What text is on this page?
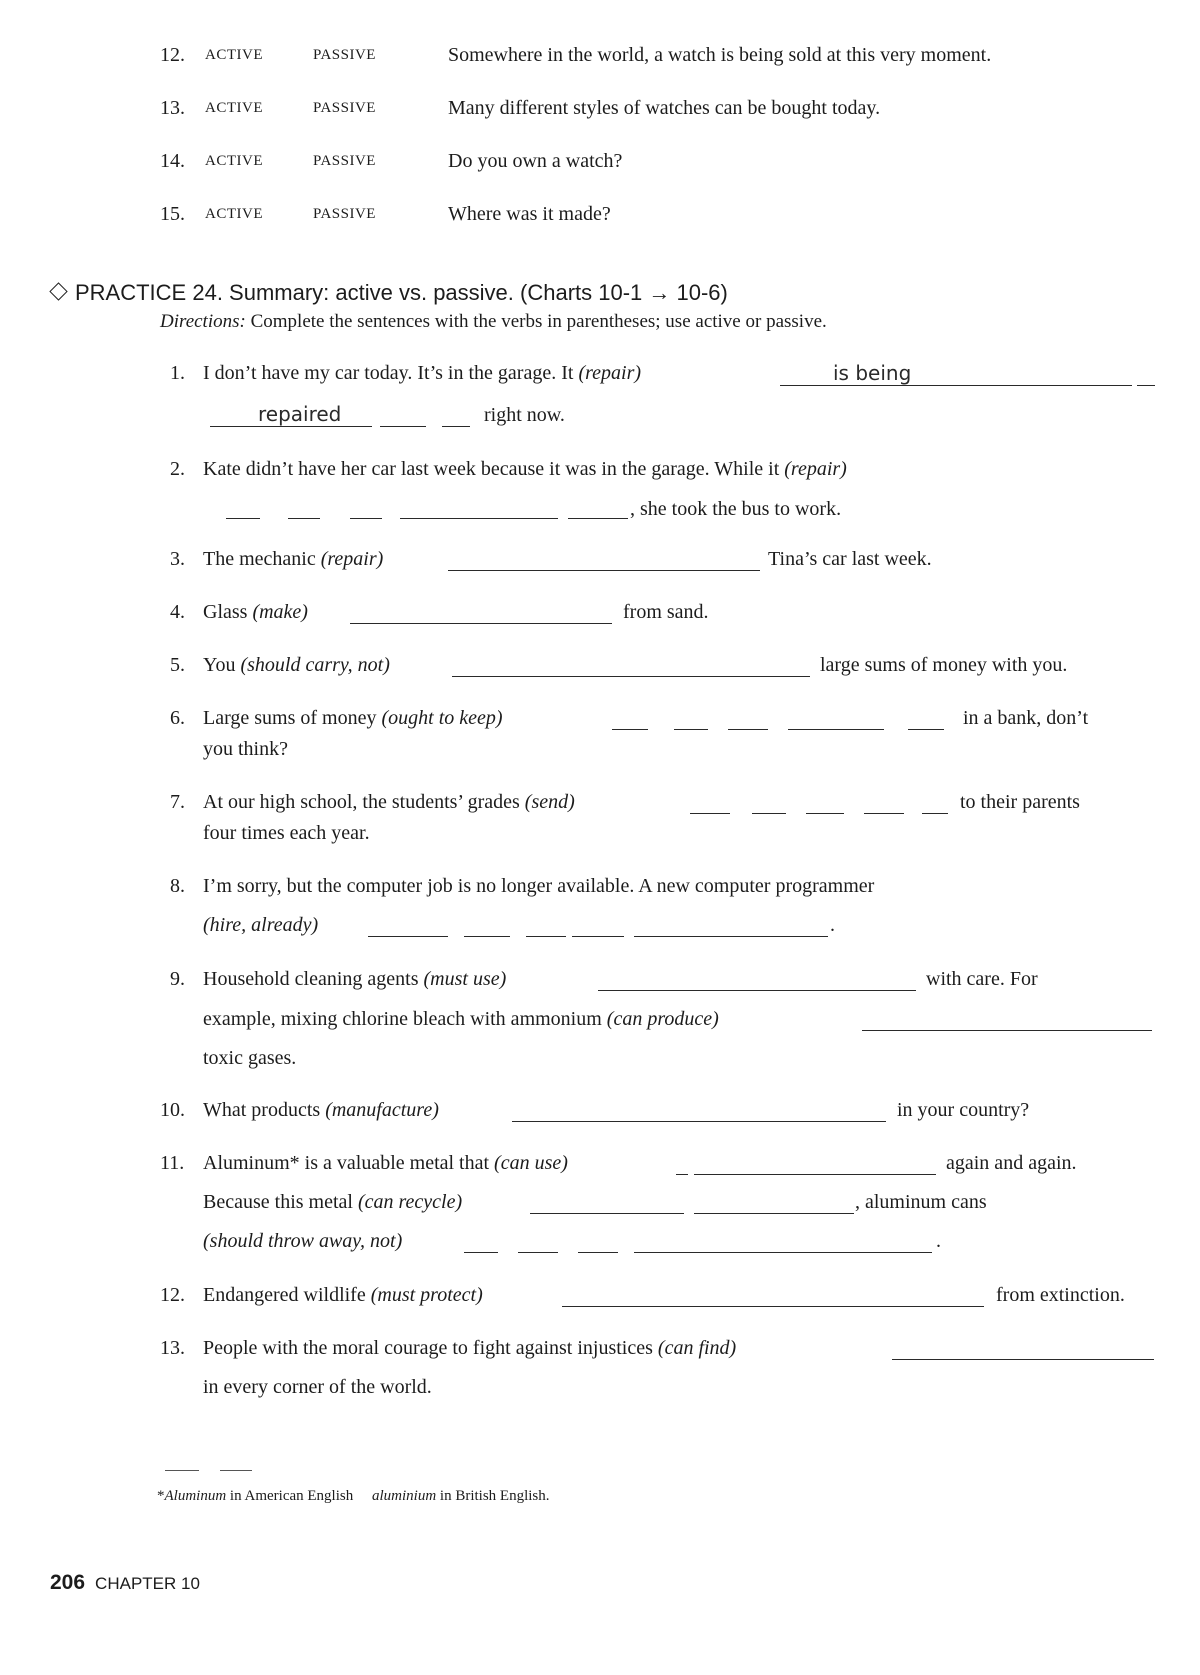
12. ACTIVE	PASSIVE	Somewhere in the world, a watch is being sold at this very moment.
13. ACTIVE	PASSIVE	Many different styles of watches can be bought today.
14. ACTIVE	PASSIVE	Do you own a watch?
15. ACTIVE	PASSIVE	Where was it made?
PRACTICE 24. Summary: active vs. passive. (Charts 10-1 → 10-6)
Directions: Complete the sentences with the verbs in parentheses; use active or passive.
1. I don’t have my car today. It’s in the garage. It (repair)	is being
repaired	right now.
2. Kate didn’t have her car last week because it was in the garage. While it (repair)
, she took the bus to work.
3. The mechanic (repair)	Tina’s car last week.
4. Glass (make)	from sand.
5. You (should carry, not)	large sums of money with you.
6. Large sums of money (ought to keep)	in a bank, don’t
you think?
7. At our high school, the students’ grades (send)	to their parents
four times each year.
8. I’m sorry, but the computer job is no longer available. A new computer programmer
(hire, already)	.
9. Household cleaning agents (must use)	with care. For
example, mixing chlorine bleach with ammonium (can produce)
toxic gases.
10. What products (manufacture)	in your country?
11. Aluminum* is a valuable metal that (can use)	again and again.
Because this metal (can recycle)	, aluminum cans
(should throw away, not)	.
12. Endangered wildlife (must protect)	from extinction.
13. People with the moral courage to fight against injustices (can find)
in every corner of the world.
*Aluminum in American English aluminium in British English.
206 CHAPTER 10
